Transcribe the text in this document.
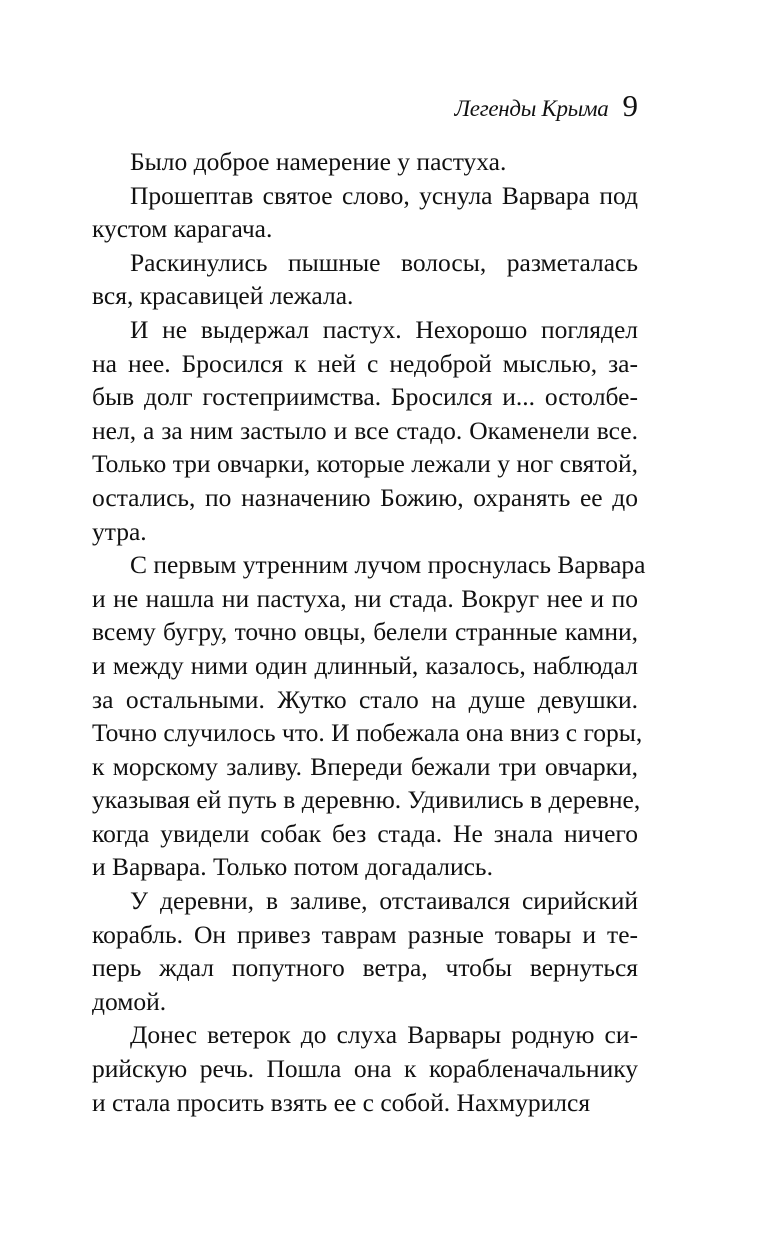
Легенды Крыма 9

Было доброе намерение у пастуха.

Прошептав святое слово, уснула Варвара под
кустом карагача.

Раскинулись пышные волосы, разметалась
вся, красавицей лежала.

И не выдержал пастух. Нехорошо поглядел
на нее. Бросился к ней с недоброй мыслью, за-
быв долг гостеприимства. Бросился и... остолбе-
нел, а за ним застыло и все стадо. Окаменели все.
Только три овчарки, которые лежали у ног святой,
остались, по назначению Божию, охранять ее до
утра.

С первым утренним лучом проснулась Варвара
и не нашла ни пастуха, ни стада. Вокруг нее и по
всему бугру, точно овцы, белели странные камни,
и между ними один длинный, казалось, наблюдал
за остальными. Жутко стало на душе девушки.
Точно случилось что. И побежала она вниз с горы,
к морскому заливу. Впереди бежали три овчарки,
указывая ей путь в деревню. Удивились в деревне,
когда увидели собак без стада. Не знала ничего
и Варвара. Только потом догадались.

У деревни, в заливе, отстаивался сирийский
корабль. Он привез таврам разные товары и те-
перь ждал попутного ветра, чтобы вернуться
домой.

Донес ветерок до слуха Варвары родную си-
рийскую речь. Пошла она к корабленачальнику
и стала просить взять ее с собой. Нахмурился
